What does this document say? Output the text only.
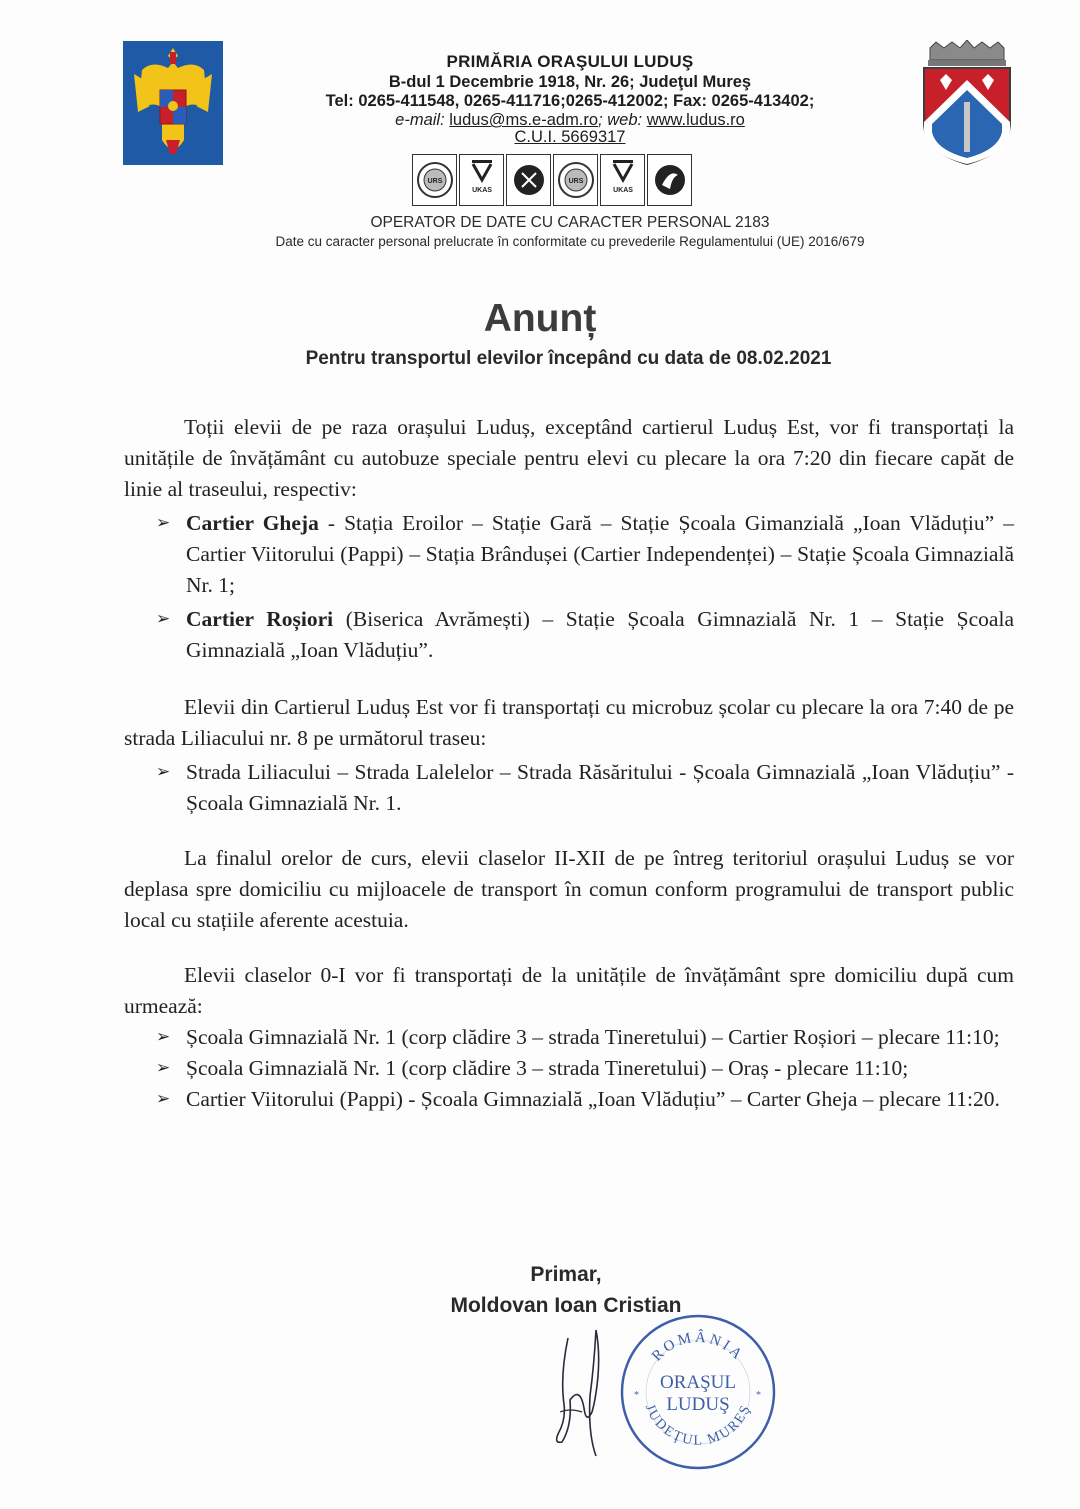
PRIMĂRIA ORAŞULUI LUDUŞ
B-dul 1 Decembrie 1918, Nr. 26; Judeţul Mureş
Tel: 0265-411548, 0265-411716;0265-412002; Fax: 0265-413402;
e-mail: ludus@ms.e-adm.ro; web: www.ludus.ro
C.U.I. 5669317
URS
UKAS
URS
UKAS
OPERATOR DE DATE CU CARACTER PERSONAL 2183
Date cu caracter personal prelucrate în conformitate cu prevederile Regulamentului (UE) 2016/679
Anunț
Pentru transportul elevilor începând cu data de 08.02.2021

Toții elevii de pe raza orașului Luduș, exceptând cartierul Luduș Est, vor fi transportați la unitățile de învățământ cu autobuze speciale pentru elevi cu plecare la ora 7:20 din fiecare capăt de linie al traseului, respectiv:

➢ Cartier Gheja - Stația Eroilor – Stație Gară – Stație Școala Gimanzială „Ioan Vlăduțiu” – Cartier Viitorului (Pappi) – Stația Brândușei (Cartier Independenței) – Stație Școala Gimnazială Nr. 1;
➢ Cartier Roșiori (Biserica Avrămești) – Stație Școala Gimnazială Nr. 1 – Stație Școala Gimnazială „Ioan Vlăduțiu”.

Elevii din Cartierul Luduș Est vor fi transportați cu microbuz școlar cu plecare la ora 7:40 de pe strada Liliacului nr. 8 pe următorul traseu:

➢ Strada Liliacului – Strada Lalelelor – Strada Răsăritului - Școala Gimnazială „Ioan Vlăduțiu” - Școala Gimnazială Nr. 1.

La finalul orelor de curs, elevii claselor II-XII de pe întreg teritoriul orașului Luduș se vor deplasa spre domiciliu cu mijloacele de transport în comun conform programului de transport public local cu stațiile aferente acestuia.

Elevii claselor 0-I vor fi transportați de la unitățile de învățământ spre domiciliu după cum urmează:

➢ Școala Gimnazială Nr. 1 (corp clădire 3 – strada Tineretului) – Cartier Roșiori – plecare 11:10;
➢ Școala Gimnazială Nr. 1 (corp clădire 3 – strada Tineretului) – Oraș - plecare 11:10;
➢ Cartier Viitorului (Pappi) - Școala Gimnazială „Ioan Vlăduțiu” – Carter Gheja – plecare 11:20.
Primar,
Moldovan Ioan Cristian
ROMÂNIA
ORAŞUL
LUDUŞ
JUDEŢUL MUREŞ
*	*
